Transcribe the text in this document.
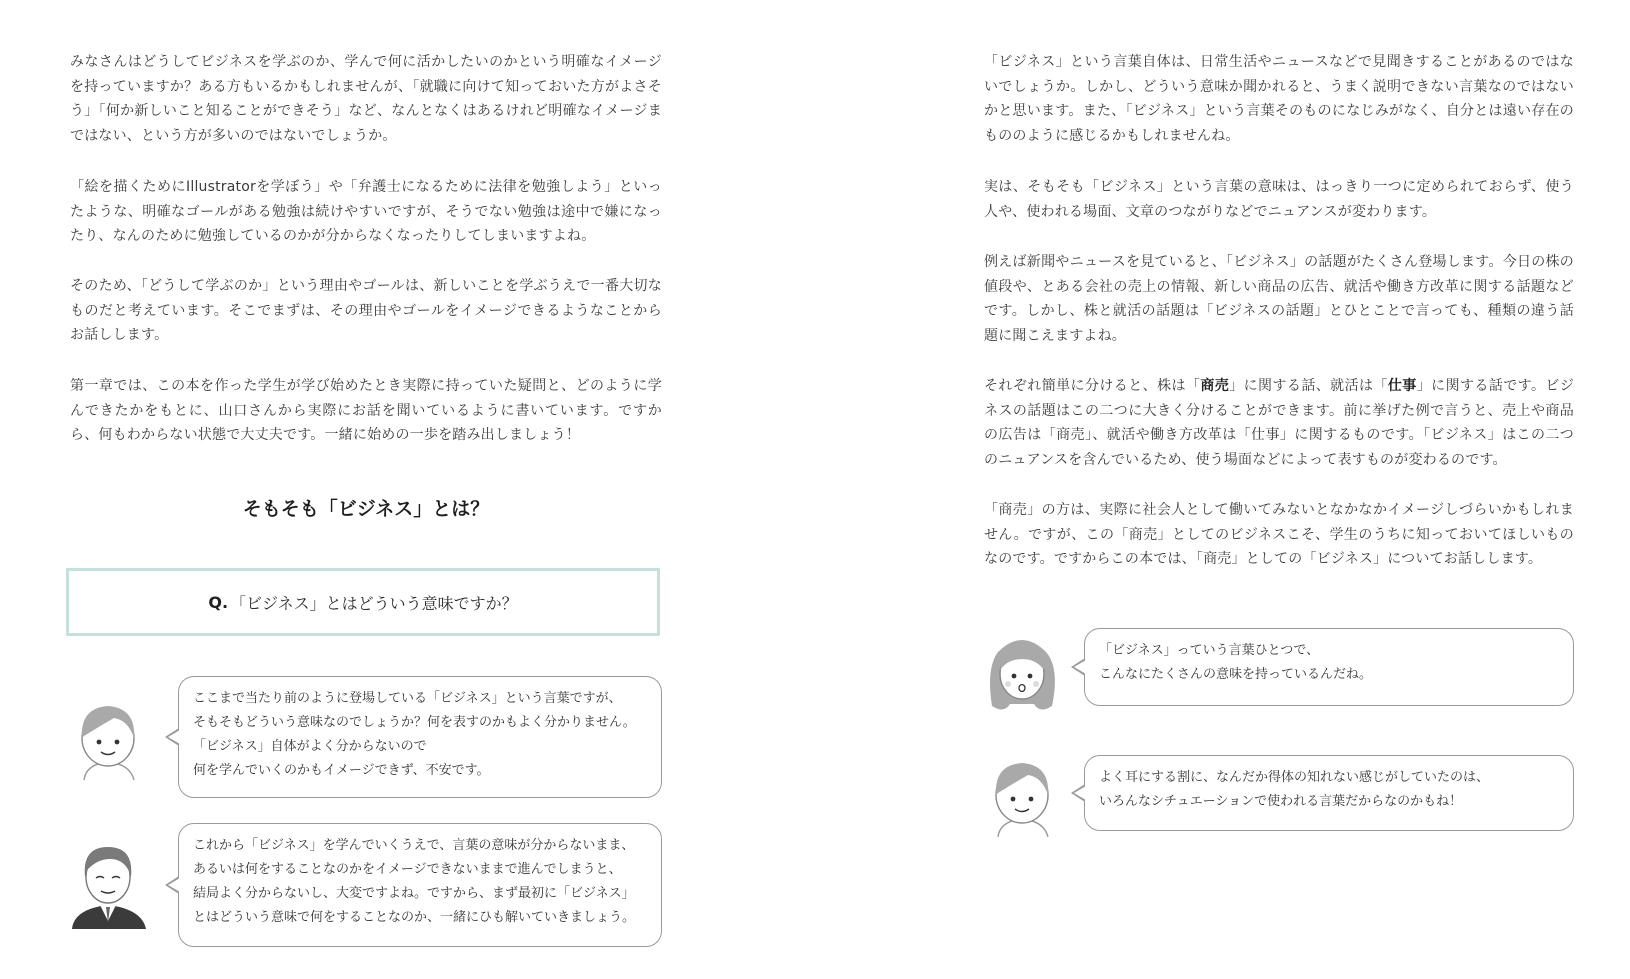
みなさんはどうしてビジネスを学ぶのか、学んで何に活かしたいのかという明確なイメージを持っていますか？ある方もいるかもしれませんが、「就職に向けて知っておいた方がよさそう」「何か新しいこと知ることができそう」など、なんとなくはあるけれど明確なイメージまではない、という方が多いのではないでしょうか。

「絵を描くためにIllustratorを学ぼう」や「弁護士になるために法律を勉強しよう」といったような、明確なゴールがある勉強は続けやすいですが、そうでない勉強は途中で嫌になったり、なんのために勉強しているのかが分からなくなったりしてしまいますよね。

そのため、「どうして学ぶのか」という理由やゴールは、新しいことを学ぶうえで一番大切なものだと考えています。そこでまずは、その理由やゴールをイメージできるようなことからお話しします。

第一章では、この本を作った学生が学び始めたとき実際に持っていた疑問と、どのように学んできたかをもとに、山口さんから実際にお話を聞いているように書いています。ですから、何もわからない状態で大丈夫です。一緒に始めの一歩を踏み出しましょう！

そもそも「ビジネス」とは？
Q. 「ビジネス」とはどういう意味ですか？
ここまで当たり前のように登場している「ビジネス」という言葉ですが、
そもそもどういう意味なのでしょうか？何を表すのかもよく分かりません。
「ビジネス」自体がよく分からないので
何を学んでいくのかもイメージできず、不安です。
これから「ビジネス」を学んでいくうえで、言葉の意味が分からないまま、
あるいは何をすることなのかをイメージできないままで進んでしまうと、
結局よく分からないし、大変ですよね。ですから、まず最初に「ビジネス」
とはどういう意味で何をすることなのか、一緒にひも解いていきましょう。

「ビジネス」という言葉自体は、日常生活やニュースなどで見聞きすることがあるのではないでしょうか。しかし、どういう意味か聞かれると、うまく説明できない言葉なのではないかと思います。また、「ビジネス」という言葉そのものになじみがなく、自分とは遠い存在のもののように感じるかもしれませんね。

実は、そもそも「ビジネス」という言葉の意味は、はっきり一つに定められておらず、使う人や、使われる場面、文章のつながりなどでニュアンスが変わります。

例えば新聞やニュースを見ていると、「ビジネス」の話題がたくさん登場します。今日の株の値段や、とある会社の売上の情報、新しい商品の広告、就活や働き方改革に関する話題などです。しかし、株と就活の話題は「ビジネスの話題」とひとことで言っても、種類の違う話題に聞こえますよね。

それぞれ簡単に分けると、株は「商売」に関する話、就活は「仕事」に関する話です。ビジネスの話題はこの二つに大きく分けることができます。前に挙げた例で言うと、売上や商品の広告は「商売」、就活や働き方改革は「仕事」に関するものです。「ビジネス」はこの二つのニュアンスを含んでいるため、使う場面などによって表すものが変わるのです。

「商売」の方は、実際に社会人として働いてみないとなかなかイメージしづらいかもしれません。ですが、この「商売」としてのビジネスこそ、学生のうちに知っておいてほしいものなのです。ですからこの本では、「商売」としての「ビジネス」についてお話しします。

「ビジネス」っていう言葉ひとつで、
こんなにたくさんの意味を持っているんだね。
よく耳にする割に、なんだか得体の知れない感じがしていたのは、
いろんなシチュエーションで使われる言葉だからなのかもね！
